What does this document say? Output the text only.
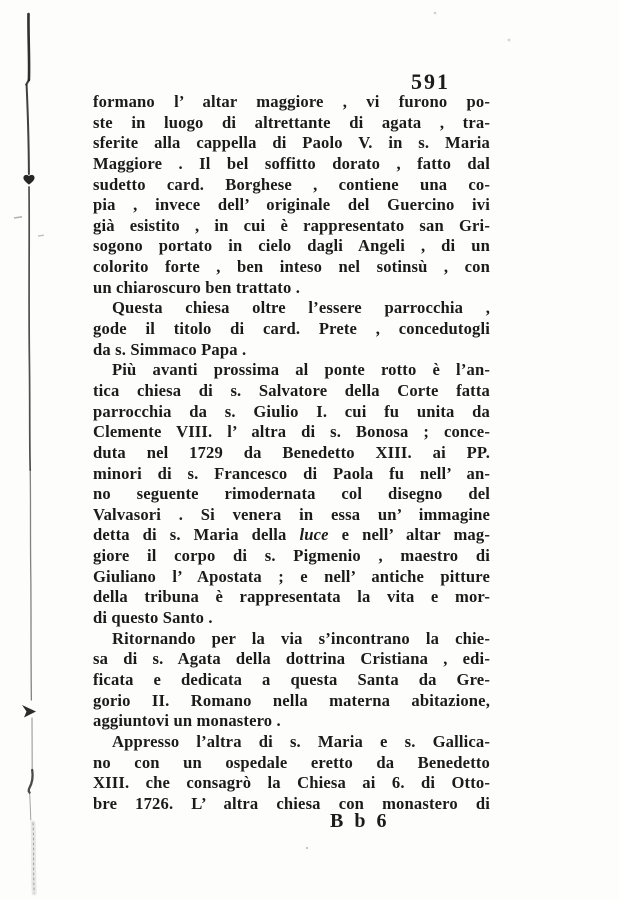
591
formano l’ altar maggiore , vi furono po-
ste in luogo di altrettante di agata , tra-
sferite alla cappella di Paolo V. in s. Maria
Maggiore . Il bel soffitto dorato , fatto dal
sudetto card. Borghese , contiene una co-
pia , invece dell’ originale del Guercino ivi
già esistito , in cui è rappresentato san Gri-
sogono portato in cielo dagli Angeli , di un
colorito forte , ben inteso nel sotinsù , con
un chiaroscuro ben trattato .
Questa chiesa oltre l’essere parrocchia ,
gode il titolo di card. Prete , concedutogli
da s. Simmaco Papa .
Più avanti prossima al ponte rotto è l’an-
tica chiesa di s. Salvatore della Corte fatta
parrocchia da s. Giulio I. cui fu unita da
Clemente VIII. l’ altra di s. Bonosa ; conce-
duta nel 1729 da Benedetto XIII. ai PP.
minori di s. Francesco di Paola fu nell’ an-
no seguente rimodernata col disegno del
Valvasori . Si venera in essa un’ immagine
detta di s. Maria della luce e nell’ altar mag-
giore il corpo di s. Pigmenio , maestro di
Giuliano l’ Apostata ; e nell’ antiche pitture
della tribuna è rappresentata la vita e mor-
di questo Santo .
Ritornando per la via s’incontrano la chie-
sa di s. Agata della dottrina Cristiana , edi-
ficata e dedicata a questa Santa da Gre-
gorio II. Romano nella materna abitazione,
aggiuntovi un monastero .
Appresso l’altra di s. Maria e s. Gallica-
no con un ospedale eretto da Benedetto
XIII. che consagrò la Chiesa ai 6. di Otto-
bre 1726. L’ altra chiesa con monastero di
B b 6
